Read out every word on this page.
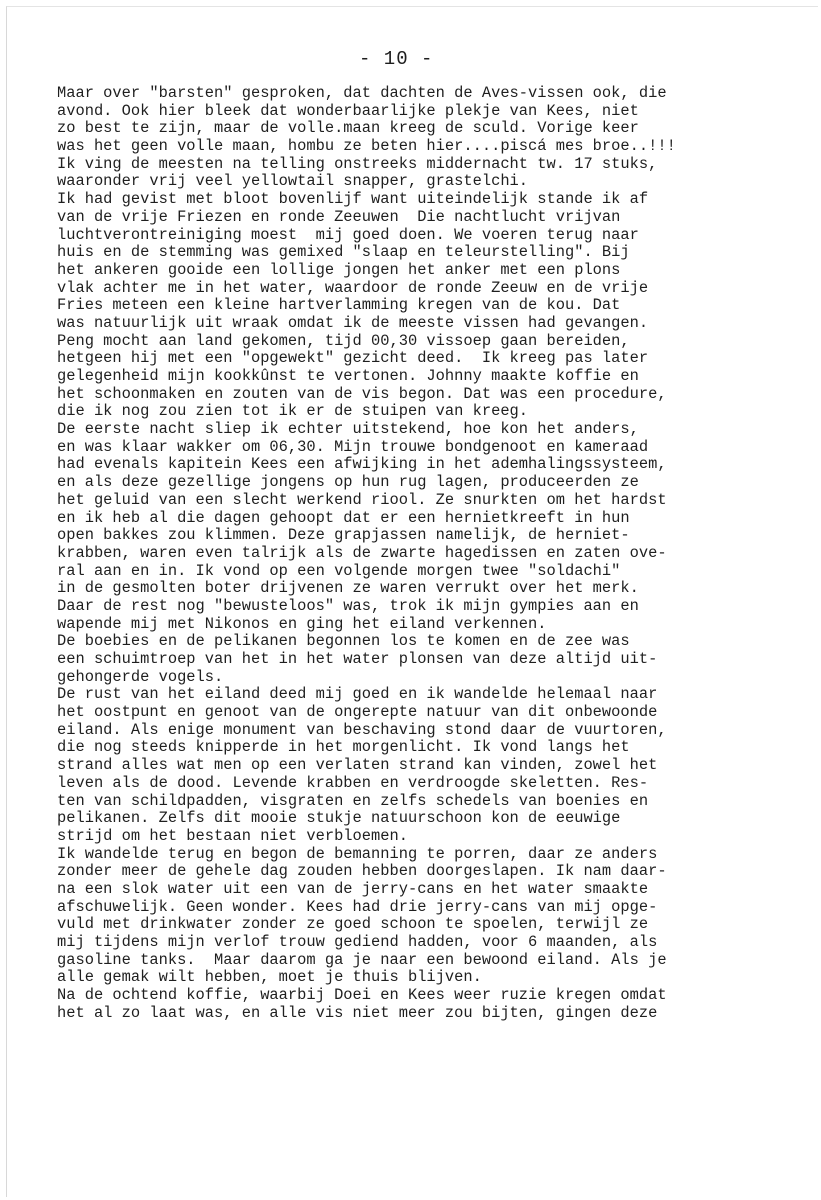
- 10 -
Maar over "barsten" gesproken, dat dachten de Aves-vissen ook, die
avond. Ook hier bleek dat wonderbaarlijke plekje van Kees, niet
zo best te zijn, maar de volle.maan kreeg de sculd. Vorige keer
was het geen volle maan, hombu ze beten hier....piscá mes broe..!!!
Ik ving de meesten na telling onstreeks middernacht tw. 17 stuks,
waaronder vrij veel yellowtail snapper, grastelchi.
Ik had gevist met bloot bovenlijf want uiteindelijk stande ik af
van de vrije Friezen en ronde Zeeuwen  Die nachtlucht vrijvan
luchtverontreiniging moest  mij goed doen. We voeren terug naar
huis en de stemming was gemixed "slaap en teleurstelling". Bij
het ankeren gooide een lollige jongen het anker met een plons
vlak achter me in het water, waardoor de ronde Zeeuw en de vrije
Fries meteen een kleine hartverlamming kregen van de kou. Dat
was natuurlijk uit wraak omdat ik de meeste vissen had gevangen.
Peng mocht aan land gekomen, tijd 00,30 vissoep gaan bereiden,
hetgeen hij met een "opgewekt" gezicht deed.  Ik kreeg pas later
gelegenheid mijn kookkûnst te vertonen. Johnny maakte koffie en
het schoonmaken en zouten van de vis begon. Dat was een procedure,
die ik nog zou zien tot ik er de stuipen van kreeg.
De eerste nacht sliep ik echter uitstekend, hoe kon het anders,
en was klaar wakker om 06,30. Mijn trouwe bondgenoot en kameraad
had evenals kapitein Kees een afwijking in het ademhalingssysteem,
en als deze gezellige jongens op hun rug lagen, produceerden ze
het geluid van een slecht werkend riool. Ze snurkten om het hardst
en ik heb al die dagen gehoopt dat er een hernietkreeft in hun
open bakkes zou klimmen. Deze grapjassen namelijk, de herniet-
krabben, waren even talrijk als de zwarte hagedissen en zaten ove-
ral aan en in. Ik vond op een volgende morgen twee "soldachi"
in de gesmolten boter drijvenen ze waren verrukt over het merk.
Daar de rest nog "bewusteloos" was, trok ik mijn gympies aan en
wapende mij met Nikonos en ging het eiland verkennen.
De boebies en de pelikanen begonnen los te komen en de zee was
een schuimtroep van het in het water plonsen van deze altijd uit-
gehongerde vogels.
De rust van het eiland deed mij goed en ik wandelde helemaal naar
het oostpunt en genoot van de ongerepte natuur van dit onbewoonde
eiland. Als enige monument van beschaving stond daar de vuurtoren,
die nog steeds knipperde in het morgenlicht. Ik vond langs het
strand alles wat men op een verlaten strand kan vinden, zowel het
leven als de dood. Levende krabben en verdroogde skeletten. Res-
ten van schildpadden, visgraten en zelfs schedels van boenies en
pelikanen. Zelfs dit mooie stukje natuurschoon kon de eeuwige
strijd om het bestaan niet verbloemen.
Ik wandelde terug en begon de bemanning te porren, daar ze anders
zonder meer de gehele dag zouden hebben doorgeslapen. Ik nam daar-
na een slok water uit een van de jerry-cans en het water smaakte
afschuwelijk. Geen wonder. Kees had drie jerry-cans van mij opge-
vuld met drinkwater zonder ze goed schoon te spoelen, terwijl ze
mij tijdens mijn verlof trouw gediend hadden, voor 6 maanden, als
gasoline tanks.  Maar daarom ga je naar een bewoond eiland. Als je
alle gemak wilt hebben, moet je thuis blijven.
Na de ochtend koffie, waarbij Doei en Kees weer ruzie kregen omdat
het al zo laat was, en alle vis niet meer zou bijten, gingen deze
